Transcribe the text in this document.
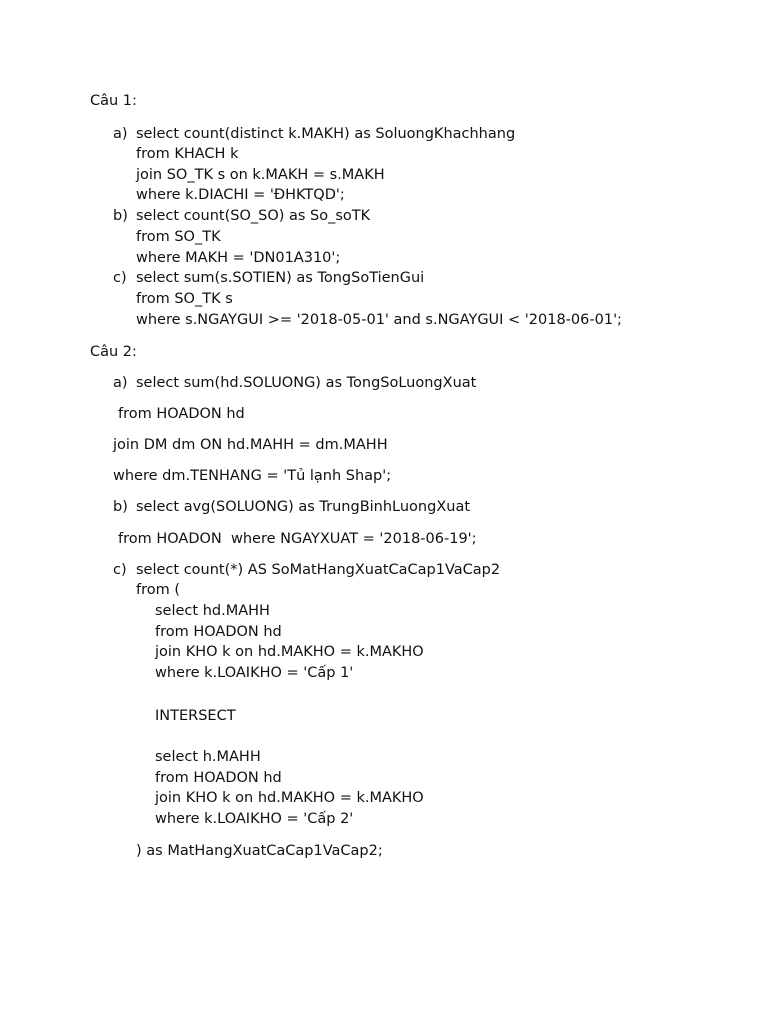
Câu 1:

a) select count(distinct k.MAKH) as SoluongKhachhang

from KHACH k

join SO_TK s on k.MAKH = s.MAKH

where k.DIACHI = 'ĐHKTQD';

b) select count(SO_SO) as So_soTK

from SO_TK

where MAKH = 'DN01A310';

c) select sum(s.SOTIEN) as TongSoTienGui

from SO_TK s

where s.NGAYGUI >= '2018-05-01' and s.NGAYGUI < '2018-06-01';

Câu 2:

a) select sum(hd.SOLUONG) as TongSoLuongXuat

from HOADON hd

join DM dm ON hd.MAHH = dm.MAHH

where dm.TENHANG = 'Tủ lạnh Shap';

b) select avg(SOLUONG) as TrungBinhLuongXuat

from HOADON  where NGAYXUAT = '2018-06-19';

c) select count(*) AS SoMatHangXuatCaCap1VaCap2

from (

select hd.MAHH

from HOADON hd

join KHO k on hd.MAKHO = k.MAKHO

where k.LOAIKHO = 'Cấp 1'

INTERSECT

select h.MAHH

from HOADON hd

join KHO k on hd.MAKHO = k.MAKHO

where k.LOAIKHO = 'Cấp 2'

) as MatHangXuatCaCap1VaCap2;
